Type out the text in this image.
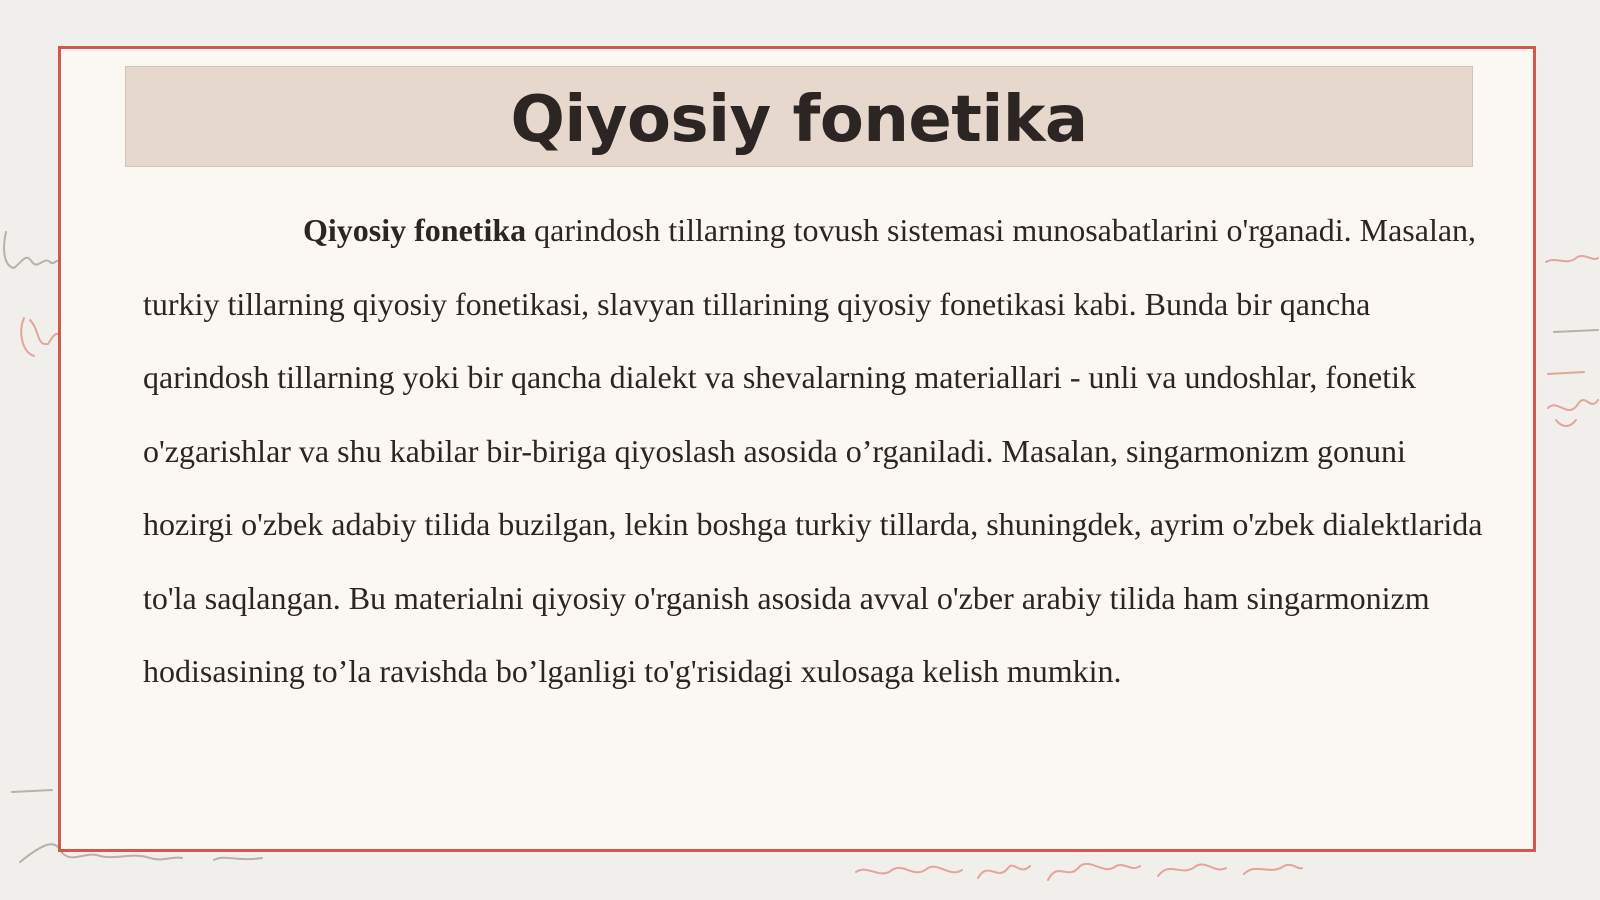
Qiyosiy fonetika

Qiyosiy fonetika qarindosh tillarning tovush sistemasi munosabatlarini o'rganadi. Masalan, turkiy tillarning qiyosiy fonetikasi, slavyan tillarining qiyosiy fonetikasi kabi. Bunda bir qancha qarindosh tillarning yoki bir qancha dialekt va shevalarning materiallari - unli va undoshlar, fonetik o'zgarishlar va shu kabilar bir-biriga qiyoslash asosida o’rganiladi. Masalan, singarmonizm gonuni hozirgi o'zbek adabiy tilida buzilgan, lekin boshga turkiy tillarda, shuningdek, ayrim o'zbek dialektlarida to'la saqlangan. Bu materialni qiyosiy o'rganish asosida avval o'zber arabiy tilida ham singarmonizm hodisasining to’la ravishda bo’lganligi to'g'risidagi xulosaga kelish mumkin.
